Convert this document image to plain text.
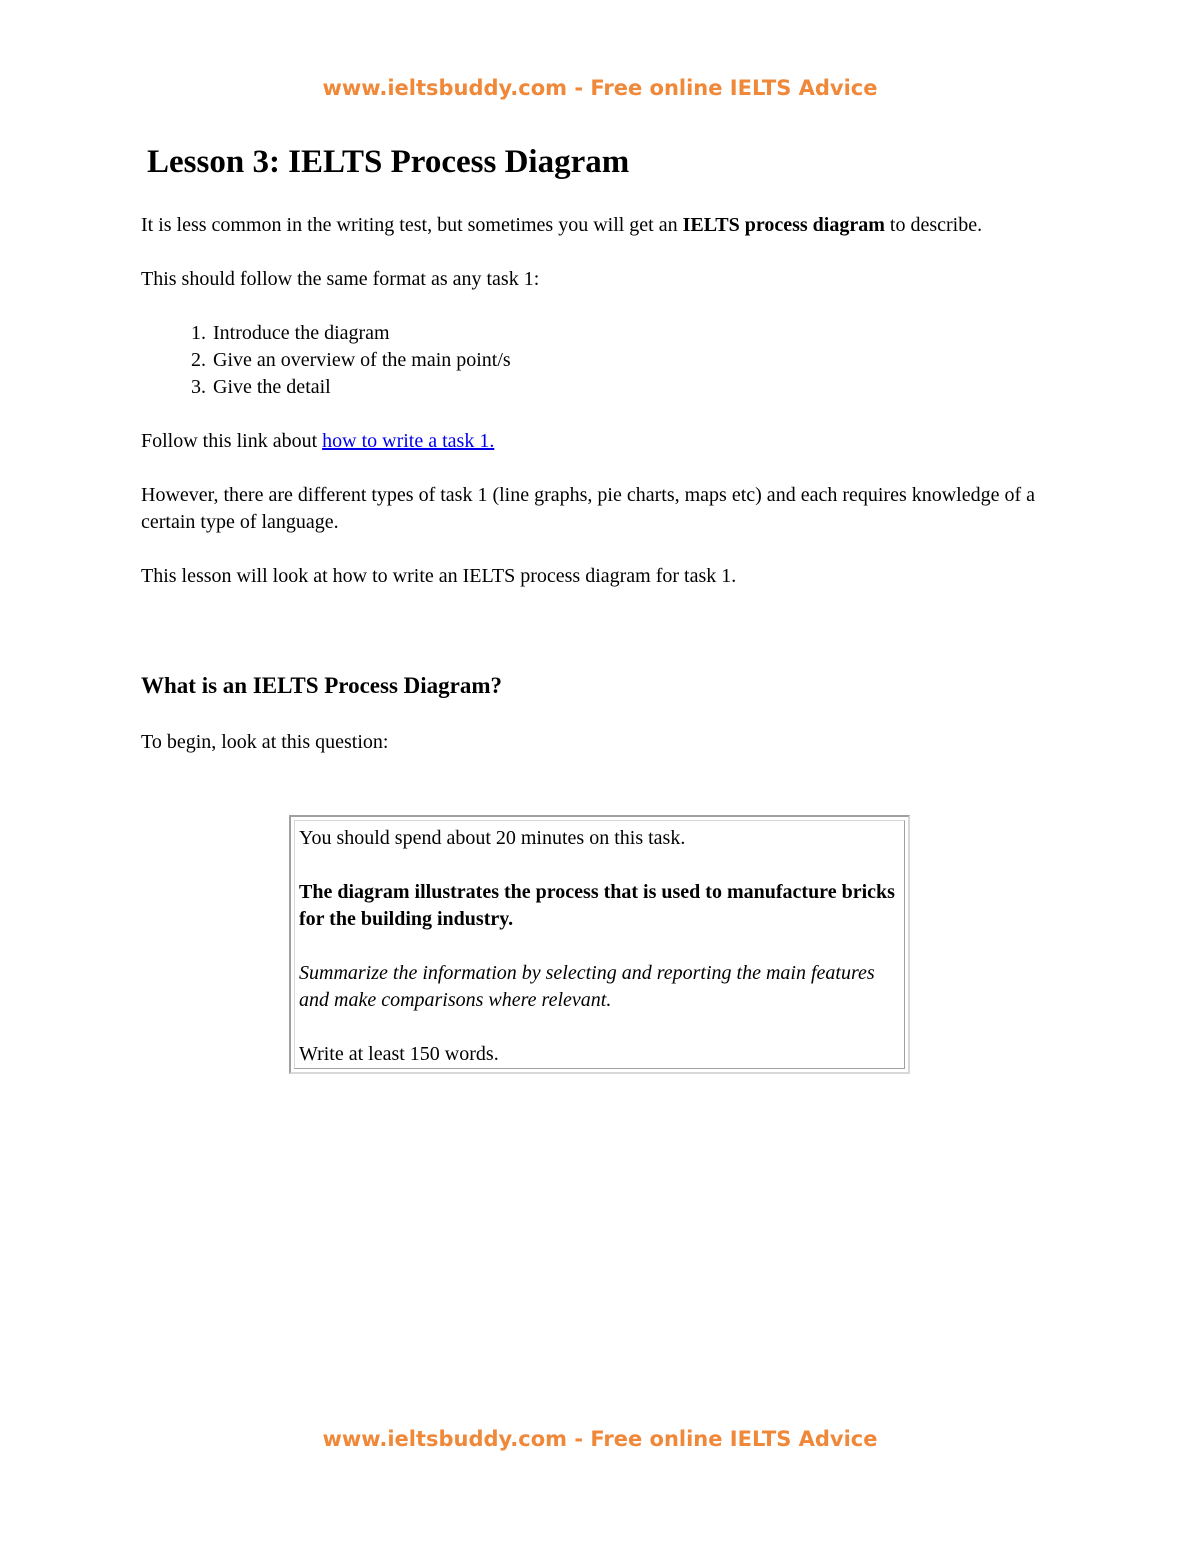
www.ieltsbuddy.com - Free online IELTS Advice
Lesson 3: IELTS Process Diagram

It is less common in the writing test, but sometimes you will get an IELTS process diagram to describe.

This should follow the same format as any task 1:

1. Introduce the diagram
2. Give an overview of the main point/s
3. Give the detail

Follow this link about how to write a task 1.

However, there are different types of task 1 (line graphs, pie charts, maps etc) and each requires knowledge of a certain type of language.

This lesson will look at how to write an IELTS process diagram for task 1.

What is an IELTS Process Diagram?

To begin, look at this question:

You should spend about 20 minutes on this task.

The diagram illustrates the process that is used to manufacture bricks for the building industry.

Summarize the information by selecting and reporting the main features and make comparisons where relevant.

Write at least 150 words.

www.ieltsbuddy.com - Free online IELTS Advice
